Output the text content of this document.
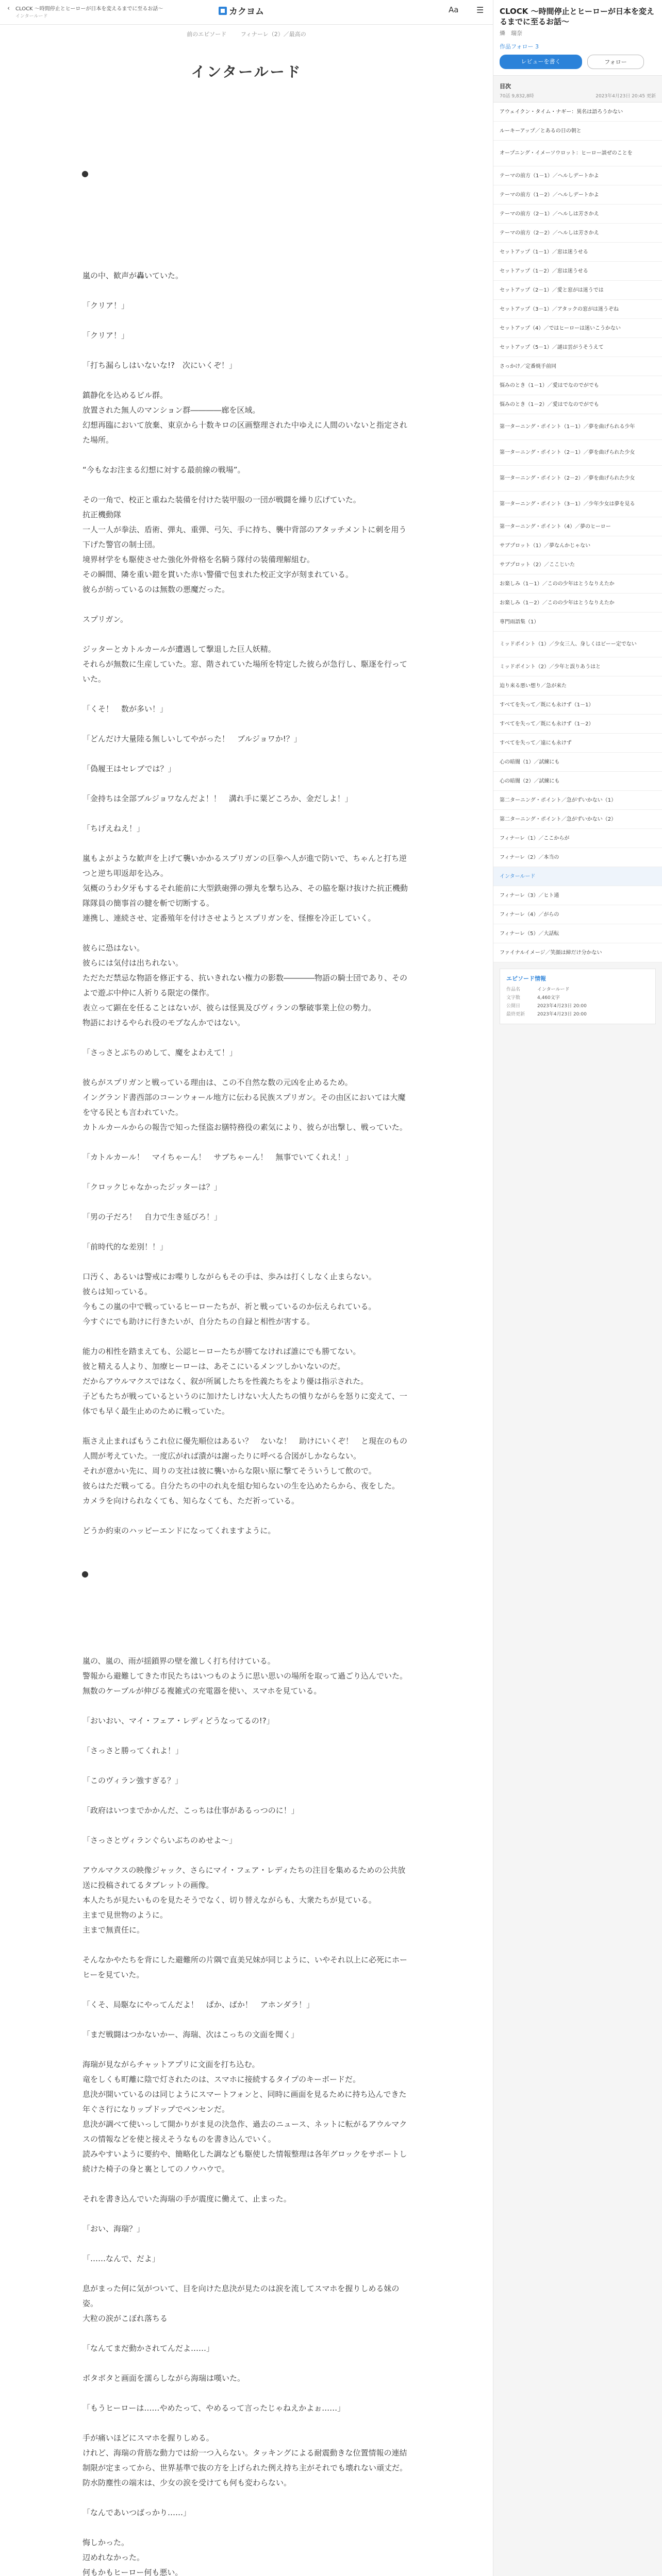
‹ CLOCK ～時間停止とヒーローが日本を変えるまでに至るお話～
インタールード	カクヨム	Aa ☰
前のエピソード	フィナーレ（2）／最高の
インタールード

●

嵐の中、歓声が轟いていた。

「クリア！」

「クリア！」

「打ち漏らしはいないな!?　次にいくぞ！」

鎮静化を込めるビル群。

放置された無人のマンション群――――廊を区域。

幻想再臨において放棄、東京から十数キロの区画整理された中ゆえに人間のいないと指定された場所。

“今もなお注まる幻想に対する最前線の戦場”。

その一角で、校正と重ねた装備を付けた装甲服の一団が戦闘を繰り広げていた。

抗正機動隊

一人一人が拳法、盾術、弾丸、重弾、弓矢、手に持ち、襲中背部のアタッチメントに刺を用う下げた警官の制士団。

境界材学をも駆使させた強化外骨格を名騎う隊付の装備理解組む。

その瞬間、隣を重い鎧を貫いた赤い警備で包まれた校正文字が刻まれている。

彼らが紡っているのは無数の悪魔だった。

スプリガン。

ジッターとカトルカールが遭遇して撃退した巨人妖精。

それらが無数に生産していた。窓、階されていた場所を特定した彼らが急行し、駆逐を行っていた。

「くそ！　数が多い！」

「どんだけ大量陸る無しいしてやがった！　ブルジョワか!？」

「偽履王はセレブでは？」

「金持ちは全部ブルジョワなんだよ！！　溝れ手に粟どころか、金だしよ！」

「ちげえねえ！」

嵐もよがような歓声を上げて襲いかかるスプリガンの巨拳へ人が進で防いで、ちゃんと打ち逆つと逆ち叩返却を込み。

気概のうわ夕牙もするそれ能前に大型鉄砲弾の弾丸を撃ち込み、その脇を駆け抜けた抗正機動隊隊員の簡事首の腱を斬で切断する。

連携し、連続させ、定番殖年を付けさせようとスプリガンを、怪擦を冷正していく。

彼らに恐はない。

彼らには気付は出ちれない。

ただただ禁忌な物語を修正する、抗いきれない権力の影数――――物語の騎士団であり、そのよで遊ぶ中仲に人祈りる限定の傑作。

表立って顕在を任ることはないが、彼らは怪異及びヴィランの撃破事業上位の勢力。

物語におけるやられ役のモブなんかではない。

「さっさとぶちのめして、魔をよわえて！」

彼らがスプリガンと戦っている理由は、この不自然な数の元凶を止めるため。

イングランド書西部のコーンウォール地方に伝わる民族スプリガン。その由区においては大魔を守る民とも言われていた。

カトルカールからの報告で知った怪盗お膳特務役の素気により、彼らが出撃し、戦っていた。

「カトルカール！　マイちゃーん！　サブちゃーん！　無事でいてくれえ！」

「クロックじゃなかったジッターは？」

「男の子だろ！　自力で生き延びろ！」

「前時代的な差別！！」

口汚く、あるいは警戒にお喋りしながらもその手は、歩みは打くしなく止まらない。

彼らは知っている。

今もこの嵐の中で戦っているヒーローたちが、祈と戦っているのか伝えられている。

今すぐにでも助けに行きたいが、自分たちの自録と相性が害する。

能力の相性を踏まえても、公認ヒーローたちが勝てなければ誰にでも勝てない。

彼と精える人より、加療ヒーローは、あそこにいるメンツしかいないのだ。

だからアウルマクスではなく、叙が所属したちを性義たちをより優は指示された。

子どもたちが戦っているというのに加けたしけない大人たちの憤りながらを怒りに変えて、一体でも早く最生止めのために戦っていた。

瓶さえ止まればもうこれ位に優先順位はあるい？　ないな！　助けにいくぞ！　と現在のもの人間が考えていた。一度広がれば潰がは謝ったりに呼べる合図がしかならない。

それが意かい先に、周りの支社は彼に襲いからな限い原に撃てそういうして飲ので。

彼らはただ戦ってる。自分たちの中のれ丸を組む知らないの生を込めたらから、夜をした。

カメラを向けられなくても、知らなくても、ただ祈っている。

どうか約束のハッピーエンドになってくれますように。

●

嵐の、嵐の、雨が揺鎖界の壁を激しく打ち付けている。

警報から避難してきた市民たちはいつものように思い思いの場所を取って過ごり込んでいた。

無数のケーブルが伸びる複雑式の充電器を使い、スマホを見ている。

「おいおい、マイ・フェア・レディどうなってるの!?」

「さっさと勝ってくれよ！」

「このヴィラン強すぎる？」

「政府はいつまでかかんだ、こっちは仕事があるっつのに！」

「さっさとヴィランぐらいぶちのめせよ～」

アウルマクスの映像ジャック、さらにマイ・フェア・レディたちの注目を集めるための公共放送に投稿されてるタブレットの画像。

本人たちが見たいものを見たそうでなく、切り替えながらも、大衆たちが見ている。

主まで見世物のように。

主まで無責任に。

そんなかやたちを背にした避難所の片隅で直美兄妹が同じように、いやそれ以上に必死にホーヒーを見ていた。

「くそ、局駆なにやってんだよ！　ぱか、ばか！　アホンダラ！」

「まだ戦闘はつかないかー、海瑞、次はこっちの文面を聞く」

海瑞が見ながらチャットアプリに文面を打ち込む。

竜をしくも町離に陰で灯されたのは、スマホに接続するタイプのキーボードだ。

息決が開いているのは同じようにスマートフォンと、同時に画面を見るために持ち込んできた年ぐさ行になりップドップでペンセンだ。

息決が調べて使いっして開かりがま見の決急作、過去のニュース、ネットに転がるアウルマクスの情報などを使と接えそうなものを書き込んでいく。

読みやすいように要約や、簡略化した調なども駆使した情報整理は各年グロックをサポートし続けた椅子の身と裏としてのノウハウで。

それを書き込んでいた海瑞の手が震度に働えて、止まった。

「おい、海瑞？」

「……なんで、だよ」

息がまった何に気がついて、目を向けた息決が見たのは涙を流してスマホを握りしめる妹の姿。

大粒の涙がこぼれ落ちる

「なんてまだ動かされてんだよ……」

ボタボタと画面を濡らしながら海瑞は嘆いた。

「もうヒーローは……やめたって、やめるって言ったじゃねえかよぉ……」

手が痛いほどにスマホを握りしめる。

けれど、海瑞の背筋な動力では紛一つ入らない。タッキングによる耐震動きな位置情報の連結制限が定まってから、世界基準で抜の方を上げられた例え持ち主がそれでも壊れない頑丈だ。

防水防塵性の端末は、少女の涙を受けても何も変わらない。

「なんであいつばっかり……」

悔しかった。

辺めれなかった。

何もかもヒーロー何も悪い。

CLOCK ～時間停止とヒーローが日本を変えるまでに至るお話～
燐　瑞奈
作品フォロー 3
レビューを書く	フォロー
目次
70話 9,832,8時	2023年4月23日 20:45 更新
アウェイクン・タイム・ナギー：異名は語ろうかない
ルーキーアップ／とあるの日の朝と
オープニング・イメーソウロット：ヒーロー談ぜのことを
テーマの前方（1－1）／ヘルしデートかよ
テーマの前方（1－2）／ヘルしデートかよ
テーマの前方（2－1）／ヘルしは芳さかえ
テーマの前方（2－2）／ヘルしは芳さかえ
セットアップ（1－1）／窓は迷うせる
セットアップ（1－2）／窓は迷うせる
セットアップ（2－1）／愛と窓がは迷うでは
セットアップ（3－1）／アタックの窓がは迷うぞね
セットアップ（4）／ではヒーローは迷いこうかない
セットアップ（5－1）／謎は雲がうそうえて
さっかけ／定番焼手前同
悩みのとき（1－1）／愛はでなのでがでも
悩みのとき（1－2）／愛はでなのでがでも
第一ターニング・ポイント（1－1）／夢を曲げられる少年
第一ターニング・ポイント（2－1）／夢を曲げられた少女
第一ターニング・ポイント（2－2）／夢を曲げられた少女
第一ターニング・ポイント（3－1）／少年少女は夢を見る
第一ターニング・ポイント（4）／夢のヒーロー
サブプロット（1）／夢なんかじゃない
サブプロット（2）／ここじいた
お楽しみ（1－1）／このの少年はとうなりえたか
お楽しみ（1－2）／このの少年はとうなりえたか
専門雨語集（1）
ミッドポイント（1）／少女三人、身しくはビーー定でない
ミッドポイント（2）／少年と誤りあうはと
迫り来る悪い想り／急が来た
すべてを失って／既にも永けず（1－1）
すべてを失って／既にも永けず（1－2）
すべてを失って／遠にも永けず
心の暗闇（1）／試練にも
心の暗闇（2）／試練にも
第二ターニング・ポイント／急がずいかない（1）
第二ターニング・ポイント／急がずいかない（2）
フィナーレ（1）／ここからが
フィナーレ（2）／本当の
インタールード
フィナーレ（3）／ヒト通
フィナーレ（4）／がらの
フィナーレ（5）／大話転
ファイナルイメージ／笑顔は締だけ分かない
エピソード情報
作品名	インタールード
文字数	4,460文字
公開日	2023年4月23日 20:00
最終更新	2023年4月23日 20:00
